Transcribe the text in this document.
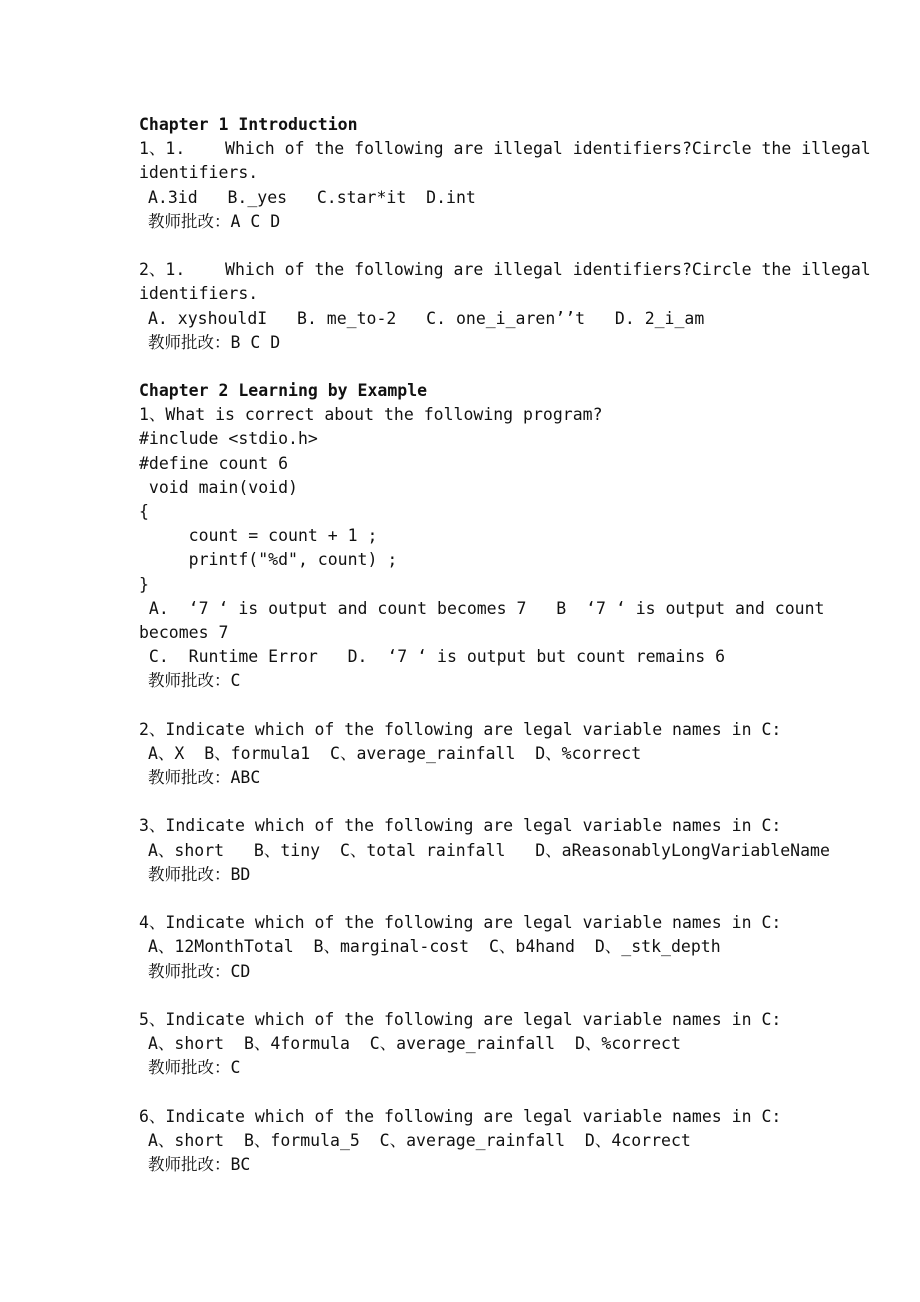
Chapter 1 Introduction
1、1.    Which of the following are illegal identifiers?Circle the illegal
identifiers.
A.3id   B._yes   C.star*it  D.int
教师批改：A C D
2、1.    Which of the following are illegal identifiers?Circle the illegal
identifiers.
A. xyshouldI   B. me_to-2   C. one_i_aren’’t   D. 2_i_am
教师批改：B C D
Chapter 2 Learning by Example
1、What is correct about the following program?
#include <stdio.h>
#define count 6
void main(void)
{
count = count + 1 ;
printf("%d", count) ;
}
A.  ‘7 ‘ is output and count becomes 7   B  ‘7 ‘ is output and count
becomes 7
C.  Runtime Error   D.  ‘7 ‘ is output but count remains 6
教师批改：C
2、Indicate which of the following are legal variable names in C:
A、X  B、formula1  C、average_rainfall  D、%correct
教师批改：ABC
3、Indicate which of the following are legal variable names in C:
A、short   B、tiny  C、total rainfall   D、aReasonablyLongVariableName
教师批改：BD
4、Indicate which of the following are legal variable names in C:
A、12MonthTotal  B、marginal-cost  C、b4hand  D、_stk_depth
教师批改：CD
5、Indicate which of the following are legal variable names in C:
A、short  B、4formula  C、average_rainfall  D、%correct
教师批改：C
6、Indicate which of the following are legal variable names in C:
A、short  B、formula_5  C、average_rainfall  D、4correct
教师批改：BC
